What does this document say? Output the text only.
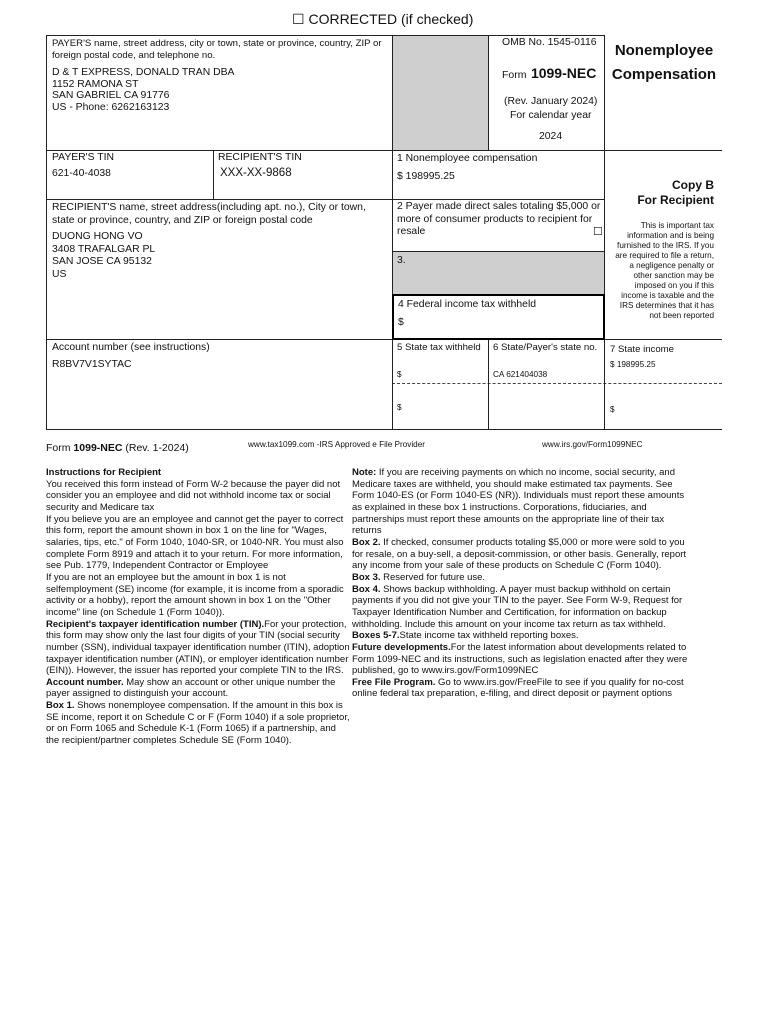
☐ CORRECTED (if checked)
PAYER'S name, street address, city or town, state or province, country, ZIP or foreign postal code, and telephone no.
D & T EXPRESS, DONALD TRAN DBA
1152 RAMONA ST
SAN GABRIEL CA 91776
US - Phone: 6262163123
OMB No. 1545-0116
Form 1099-NEC
(Rev. January 2024)
For calendar year
2024
Nonemployee
Compensation
PAYER'S TIN
621-40-4038
RECIPIENT'S TIN
XXX-XX-9868
1 Nonemployee compensation
$ 198995.25
Copy B
For Recipient
This is important tax information and is being furnished to the IRS. If you are required to file a return, a negligence penalty or other sanction may be imposed on you if this income is taxable and the IRS determines that it has not been reported
RECIPIENT'S name, street address(including apt. no.), City or town, state or province, country, and ZIP or foreign postal code
DUONG HONG VO
3408 TRAFALGAR PL
SAN JOSE CA 95132
US
2 Payer made direct sales totaling $5,000 or more of consumer products to recipient for resale	☐
3.
4 Federal income tax withheld
$
Account number (see instructions)
R8BV7V1SYTAC
5 State tax withheld
$
$
6 State/Payer's state no.
CA 621404038
7 State income
$ 198995.25
$
Form 1099-NEC (Rev. 1-2024)	www.tax1099.com -IRS Approved e File Provider	www.irs.gov/Form1099NEC

Instructions for Recipient

You received this form instead of Form W-2 because the payer did not consider you an employee and did not withhold income tax or social security and Medicare tax

If you believe you are an employee and cannot get the payer to correct this form, report the amount shown in box 1 on the line for "Wages, salaries, tips, etc." of Form 1040, 1040-SR, or 1040-NR. You must also complete Form 8919 and attach it to your return. For more information, see Pub. 1779, Independent Contractor or Employee

If you are not an employee but the amount in box 1 is not selfemployment (SE) income (for example, it is income from a sporadic activity or a hobby), report the amount shown in box 1 on the "Other income" line (on Schedule 1 (Form 1040)).

Recipient's taxpayer identification number (TIN).For your protection, this form may show only the last four digits of your TIN (social security number (SSN), individual taxpayer identification number (ITIN), adoption taxpayer identification number (ATIN), or employer identification number (EIN)). However, the issuer has reported your complete TIN to the IRS.

Account number. May show an account or other unique number the payer assigned to distinguish your account.

Box 1. Shows nonemployee compensation. If the amount in this box is SE income, report it on Schedule C or F (Form 1040) if a sole proprietor, or on Form 1065 and Schedule K-1 (Form 1065) if a partnership, and the recipient/partner completes Schedule SE (Form 1040).

Note: If you are receiving payments on which no income, social security, and Medicare taxes are withheld, you should make estimated tax payments. See Form 1040-ES (or Form 1040-ES (NR)). Individuals must report these amounts as explained in these box 1 instructions. Corporations, fiduciaries, and partnerships must report these amounts on the appropriate line of their tax returns

Box 2. If checked, consumer products totaling $5,000 or more were sold to you for resale, on a buy-sell, a deposit-commission, or other basis. Generally, report any income from your sale of these products on Schedule C (Form 1040).

Box 3. Reserved for future use.

Box 4. Shows backup withholding. A payer must backup withhold on certain payments if you did not give your TIN to the payer. See Form W-9, Request for Taxpayer Identification Number and Certification, for information on backup withholding. Include this amount on your income tax return as tax withheld.

Boxes 5-7.State income tax withheld reporting boxes.

Future developments.For the latest information about developments related to Form 1099-NEC and its instructions, such as legislation enacted after they were published, go to www.irs.gov/Form1099NEC

Free File Program. Go to www.irs.gov/FreeFile to see if you qualify for no-cost online federal tax preparation, e-filing, and direct deposit or payment options
